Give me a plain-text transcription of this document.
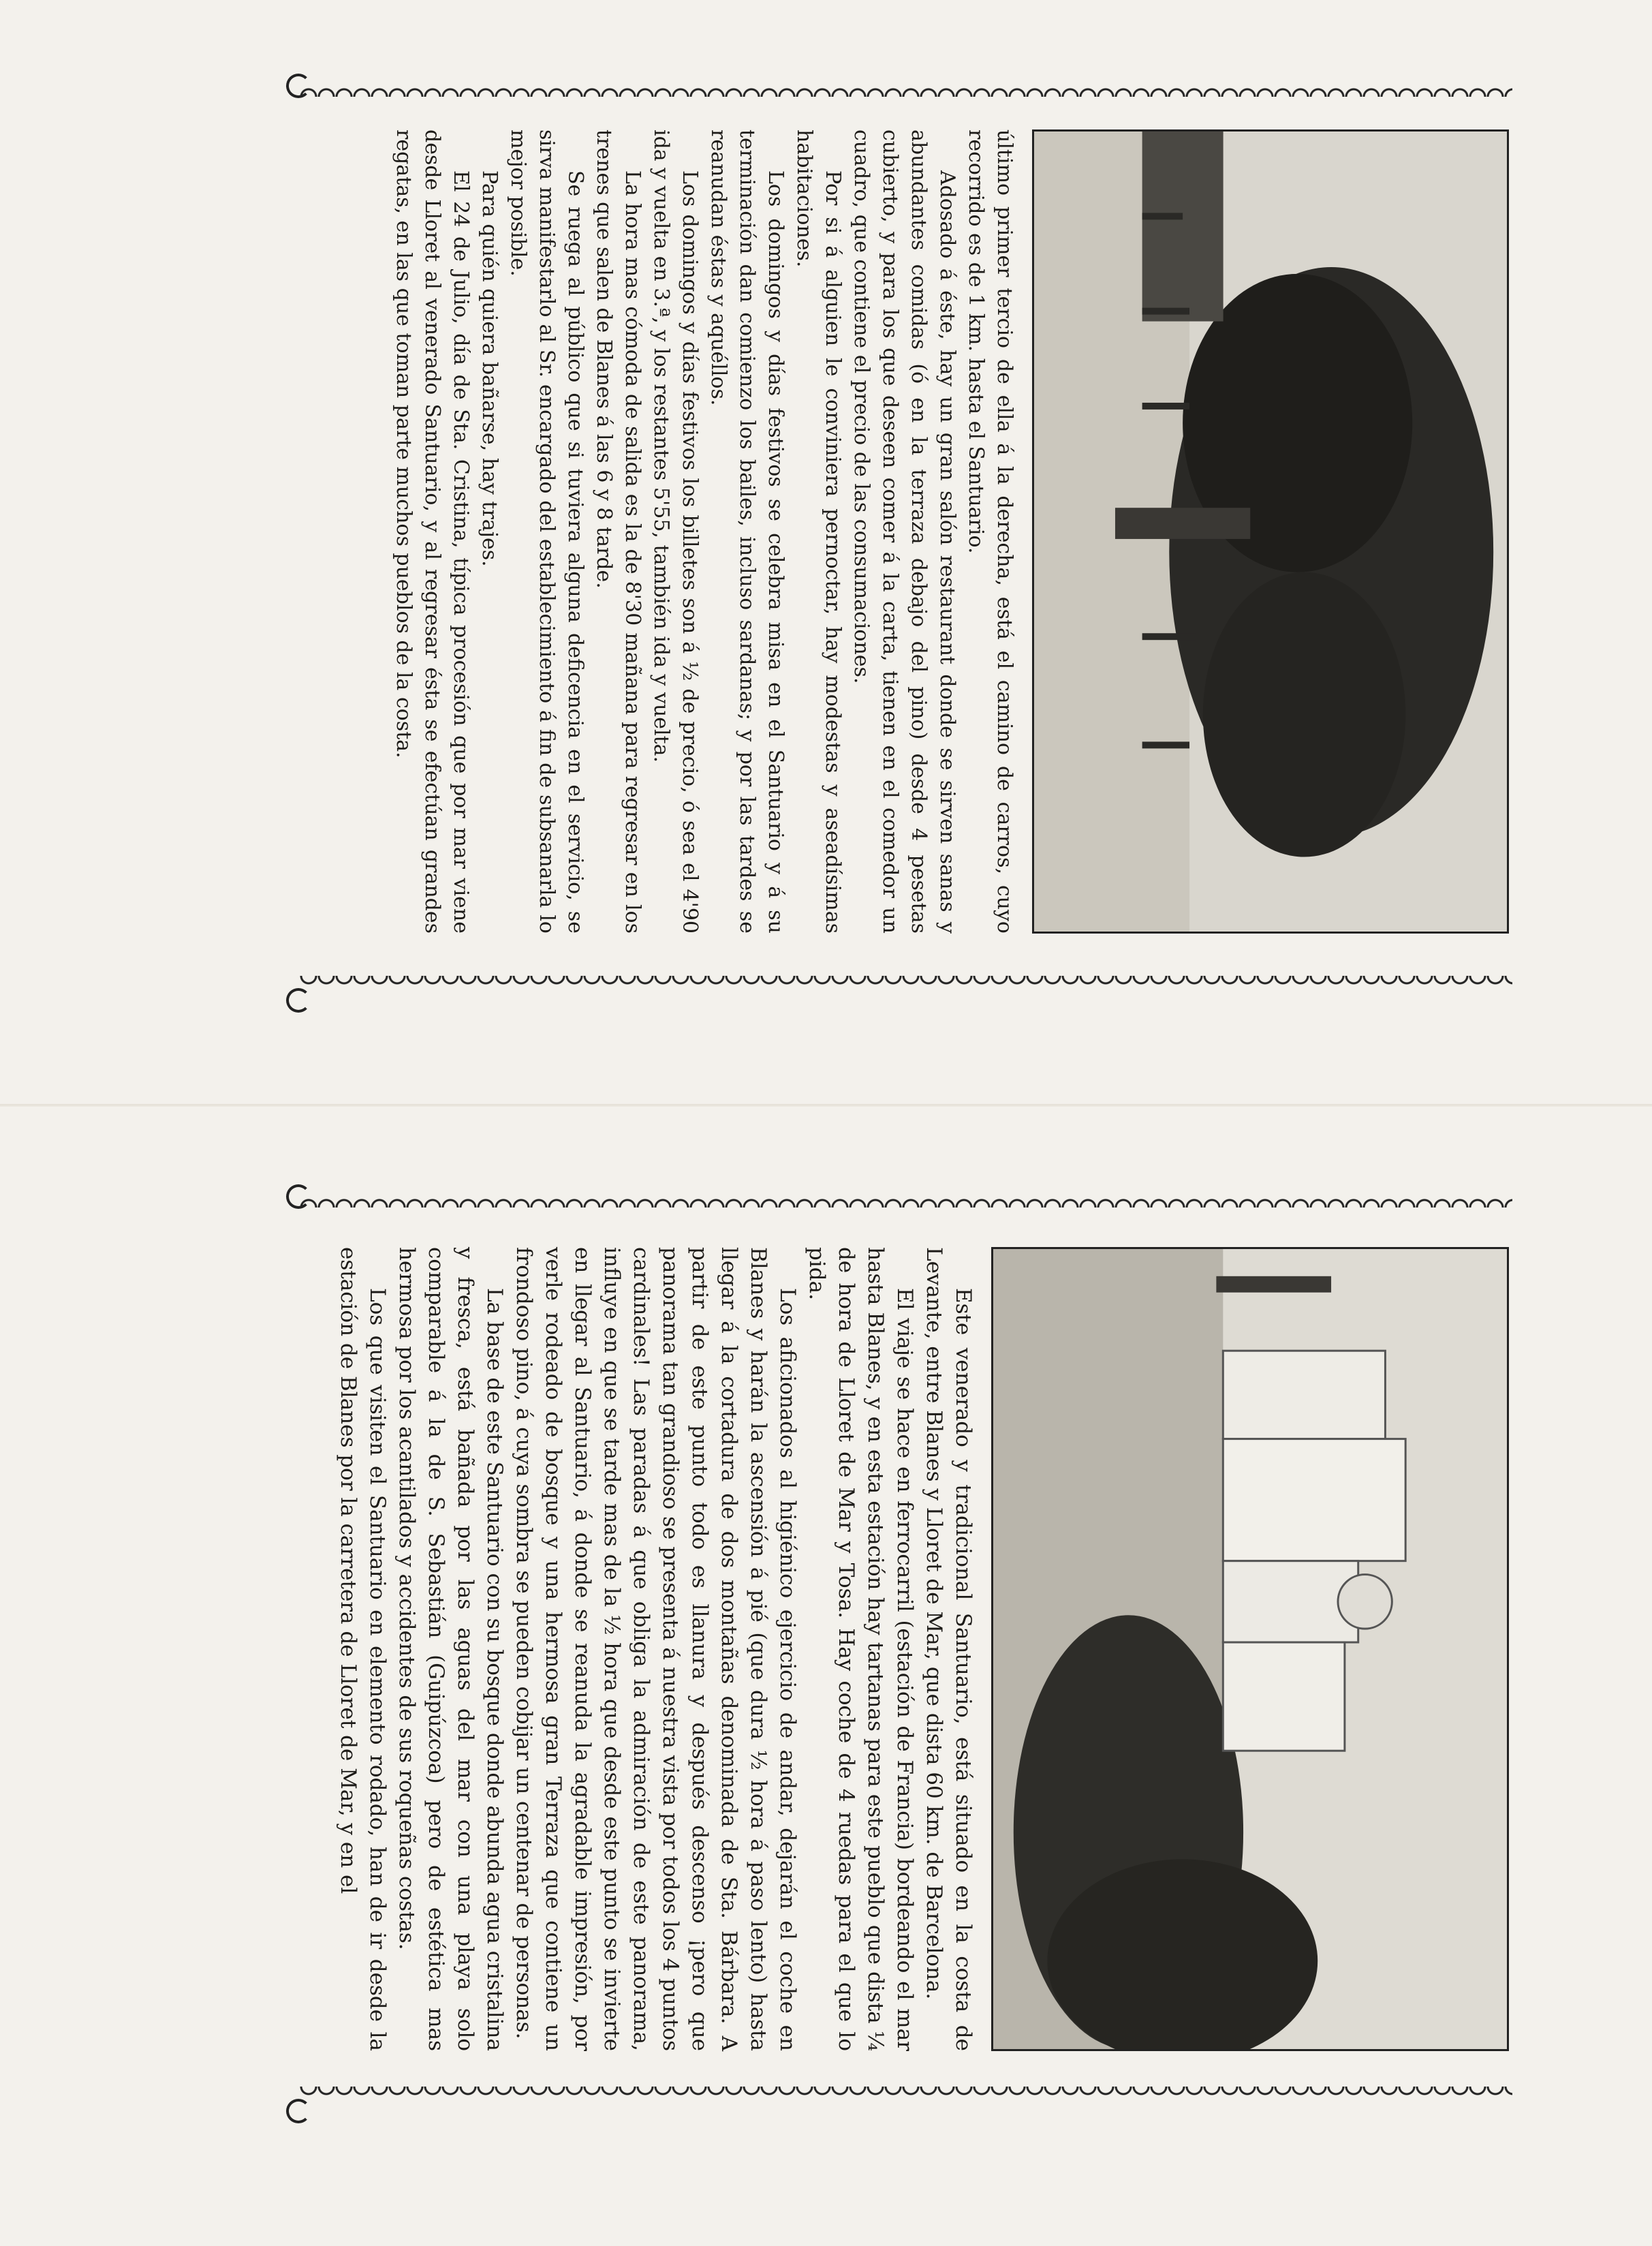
último primer tercio de ella á la derecha, está el camino de carros, cuyo recorrido es de 1 km. hasta el Santuario.

Adosado á éste, hay un gran salón restaurant donde se sirven sanas y abundantes comidas (ó en la terraza debajo del pino) desde 4 pesetas cubierto, y para los que deseen comer á la carta, tienen en el comedor un cuadro, que contiene el precio de las consumaciones.

Por si á alguien le conviniera pernoctar, hay modestas y aseadísimas habitaciones.

Los domingos y días festivos se celebra misa en el Santuario y á su terminación dan comienzo los bailes, incluso sardanas; y por las tardes se reanudan éstas y aquéllos.

Los domingos y días festivos los billetes son á ½ de precio, ó sea el 4'90 ida y vuelta en 3.ª, y los restantes 5'55, también ida y vuelta.

La hora mas cómoda de salida es la de 8'30 mañana para regresar en los trenes que salen de Blanes á las 6 y 8 tarde.

Se ruega al público que si tuviera alguna deficencia en el servicio, se sirva manifestarlo al Sr. encargado del establecimiento á fin de subsanarla lo mejor posible.

Para quién quiera bañarse, hay trajes.

El 24 de Julio, día de Sta. Cristina, típica procesión que por mar viene desde Lloret al venerado Santuario, y al regresar ésta se efectúan grandes regatas, en las que toman parte muchos pueblos de la costa.

Este venerado y tradicional Santuario, está situado en la costa de Levante, entre Blanes y Lloret de Mar, que dista 60 km. de Barcelona.

El viaje se hace en ferrocarril (estación de Francia) bordeando el mar hasta Blanes, y en esta estación hay tartanas para este pueblo que dista ¼ de hora de Lloret de Mar y Tosa. Hay coche de 4 ruedas para el que lo pida.

Los aficionados al higiénico ejercicio de andar, dejarán el coche en Blanes y harán la ascensión á pié (que dura ½ hora á paso lento) hasta llegar á la cortadura de dos montañas denominada de Sta. Bárbara. A partir de este punto todo es llanura y después descenso ¡pero que panorama tan grandioso se presenta á nuestra vista por todos los 4 puntos cardinales! Las paradas á que obliga la admiración de este panorama, influye en que se tarde mas de la ½ hora que desde este punto se invierte en llegar al Santuario, á donde se reanuda la agradable impresión, por verle rodeado de bosque y una hermosa gran Terraza que contiene un frondoso pino, á cuya sombra se pueden cobijar un centenar de personas.

La base de este Santuario con su bosque donde abunda agua cristalina y fresca, está bañada por las aguas del mar con una playa solo comparable á la de S. Sebastián (Guipúzcoa) pero de estética mas hermosa por los acantilados y accidentes de sus roqueñas costas.

Los que visiten el Santuario en elemento rodado, han de ir desde la estación de Blanes por la carretera de Lloret de Mar, y en el
